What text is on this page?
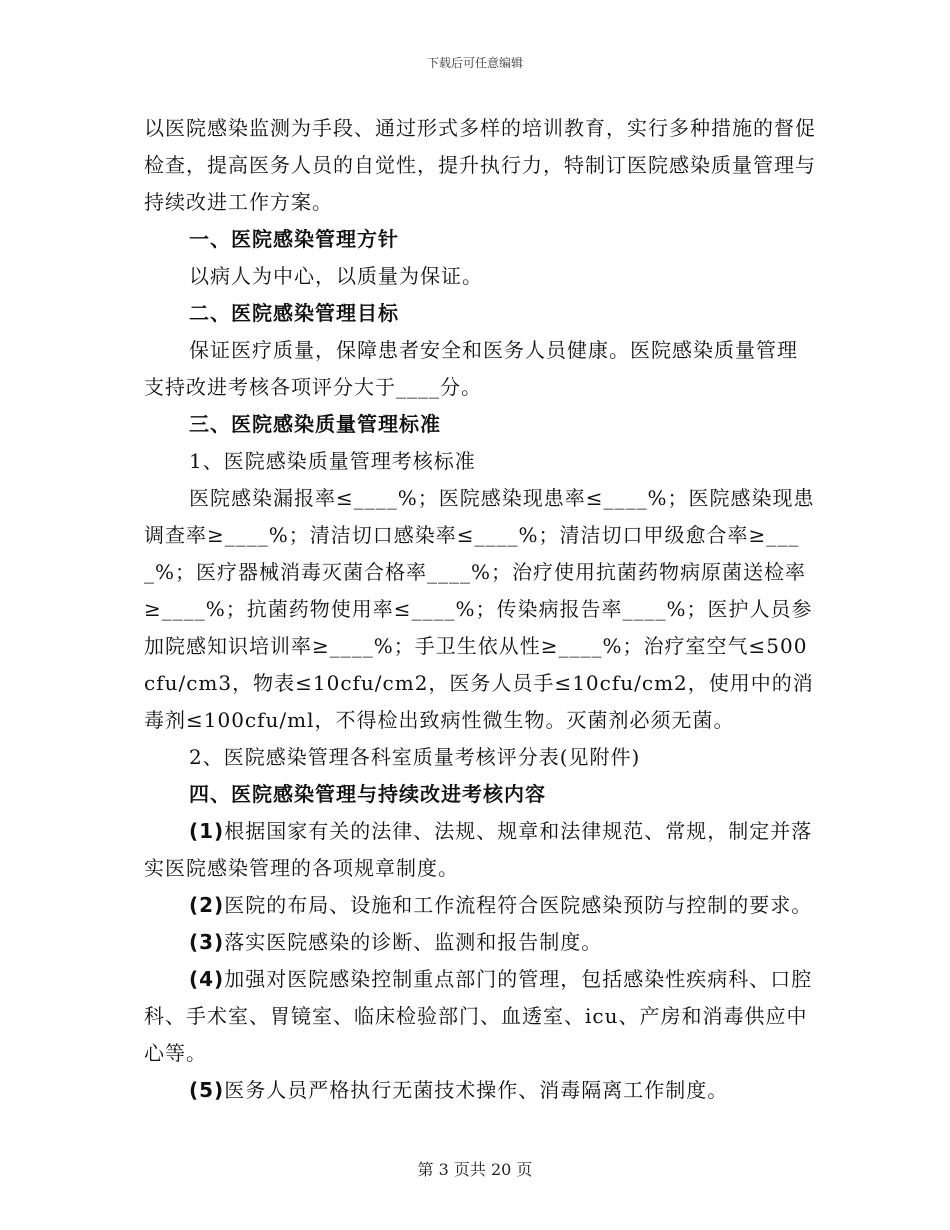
下载后可任意编辑

以医院感染监测为手段、通过形式多样的培训教育，实行多种措施的督促检查，提高医务人员的自觉性，提升执行力，特制订医院感染质量管理与持续改进工作方案。

一、医院感染管理方针

以病人为中心，以质量为保证。

二、医院感染管理目标

保证医疗质量，保障患者安全和医务人员健康。医院感染质量管理支持改进考核各项评分大于____分。

三、医院感染质量管理标准

1、医院感染质量管理考核标准

医院感染漏报率≤____%；医院感染现患率≤____%；医院感染现患调查率≥____%；清洁切口感染率≤____%；清洁切口甲级愈合率≥____%；医疗器械消毒灭菌合格率____%；治疗使用抗菌药物病原菌送检率≥____%；抗菌药物使用率≤____%；传染病报告率____%；医护人员参加院感知识培训率≥____%；手卫生依从性≥____%；治疗室空气≤500cfu/cm3，物表≤10cfu/cm2，医务人员手≤10cfu/cm2，使用中的消毒剂≤100cfu/ml，不得检出致病性微生物。灭菌剂必须无菌。

2、医院感染管理各科室质量考核评分表(见附件)

四、医院感染管理与持续改进考核内容

(1)根据国家有关的法律、法规、规章和法律规范、常规，制定并落实医院感染管理的各项规章制度。

(2)医院的布局、设施和工作流程符合医院感染预防与控制的要求。

(3)落实医院感染的诊断、监测和报告制度。

(4)加强对医院感染控制重点部门的管理，包括感染性疾病科、口腔科、手术室、胃镜室、临床检验部门、血透室、icu、产房和消毒供应中心等。

(5)医务人员严格执行无菌技术操作、消毒隔离工作制度。

第 3 页共 20 页
